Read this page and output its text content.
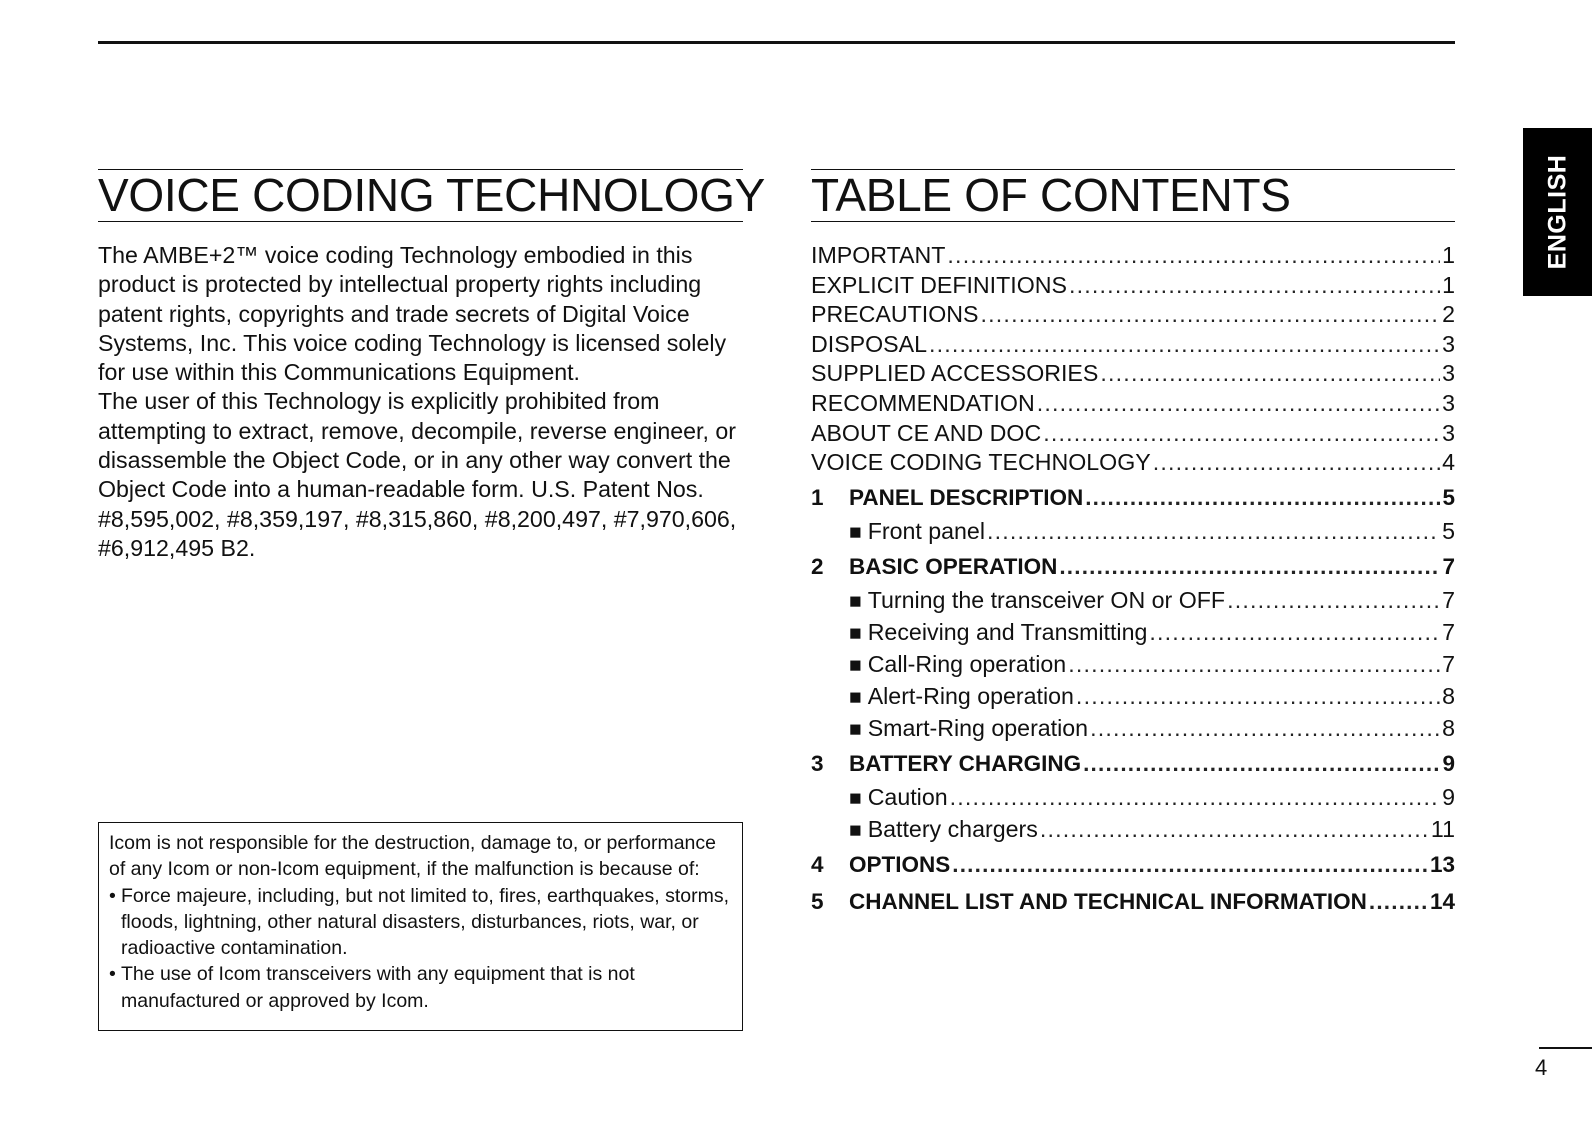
VOICE CODING TECHNOLOGY

The AMBE+2™ voice coding Technology embodied in this product is protected by intellectual property rights including patent rights, copyrights and trade secrets of Digital Voice Systems, Inc. This voice coding Technology is licensed solely for use within this Communications Equipment.

The user of this Technology is explicitly prohibited from attempting to extract, remove, decompile, reverse engineer, or disassemble the Object Code, or in any other way convert the Object Code into a human-readable form. U.S. Patent Nos.

#8,595,002, #8,359,197, #8,315,860, #8,200,497, #7,970,606, #6,912,495 B2.

Icom is not responsible for the destruction, damage to, or performance of any Icom or non-Icom equipment, if the malfunction is because of:

• Force majeure, including, but not limited to, fires, earthquakes, storms, floods, lightning, other natural disasters, disturbances, riots, war, or radioactive contamination.
• The use of Icom transceivers with any equipment that is not manufactured or approved by Icom.
TABLE OF CONTENTS
IMPORTANT .....	1
EXPLICIT DEFINITIONS .....	1
PRECAUTIONS .....	2
DISPOSAL .....	3
SUPPLIED ACCESSORIES .....	3
RECOMMENDATION .....	3
ABOUT CE AND DOC .....	3
VOICE CODING TECHNOLOGY .....	4
1	PANEL DESCRIPTION .....	5
■ Front panel .....	5
2	BASIC OPERATION .....	7
■ Turning the transceiver ON or OFF .....	7
■ Receiving and Transmitting .....	7
■ Call-Ring operation .....	7
■ Alert-Ring operation .....	8
■ Smart-Ring operation .....	8
3	BATTERY CHARGING .....	9
■ Caution .....	9
■ Battery chargers .....	11
4	OPTIONS .....	13
5	CHANNEL LIST AND TECHNICAL INFORMATION .....	14
ENGLISH
4
